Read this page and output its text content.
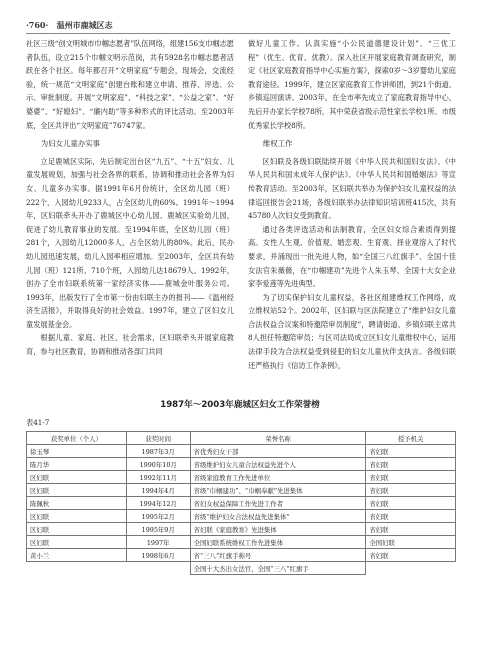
·760· 温州市鹿城区志

社区三级“创文明城市巾帼志愿者”队伍网络，组建156支巾帼志愿者队伍，设立215个巾帼文明示范岗，共有5928名巾帼志愿者活跃在各个社区。每年都召开“文明家庭”专题会，现场会，交流经验，统一规范“文明家庭”创建台账和建立申请、推荐、评选、公示、审批制度。开展“文明家庭”、“科技之家”、“公益之家”、“好婆婆”、“好媳妇”、“廉内助”等多种形式的评比活动。至2003年底，全区共评出“文明家庭”76747家。

为妇女儿童办实事

立足鹿城区实际，先后制定出台区“九五”、“十五”妇女、儿童发展规划，加强与社会各界的联系，协调和推动社会各界为妇女、儿童多办实事。据1991年6月份统计，全区幼儿园（班）222个，入园幼儿9233人，占全区幼儿的60%。1991年～1994年，区妇联牵头开办了鹿城区中心幼儿园、鹿城区实验幼儿园，促进了幼儿教育事业的发展。至1994年底，全区幼儿园（班）281个，入园幼儿12000多人，占全区幼儿的80%。此后，民办幼儿园迅速发展，幼儿入园率相应增加。至2003年，全区共有幼儿园（班）121所、710个班，入园幼儿达18679人。1992年，创办了全市妇联系统第一家经济实体——鹿城金叶服务公司。1993年，出版发行了全市第一份由妇联主办的报刊——《温州经济生活报》，并取得良好的社会效益。1997年，建立了区妇女儿童发展基金会。

根据儿童、家庭、社区、社会需求，区妇联牵头开展家庭教育，参与社区教育，协调和推动各部门共同

做好儿童工作。认真实施“小公民道德建设计划”、“三优工程”（优生、优育、优教）。深入社区开展家庭教育调查研究，制定《社区家庭教育指导中心实施方案》，探索0岁～3岁婴幼儿家庭教育途径。1999年，建立区家庭教育工作讲师团，到21个街道、乡镇巡回演讲。2003年，在全市率先成立了家庭教育指导中心，先后开办家长学校78所，其中荣获省级示范性家长学校1所、市级优秀家长学校8所。

维权工作

区妇联及各级妇联陆续开展《中华人民共和国妇女法》、《中华人民共和国未成年人保护法》、《中华人民共和国婚姻法》等宣传教育活动。至2003年，区妇联共举办为保护妇女儿童权益的法律巡回报告会21场，各级妇联举办法律知识培训班415次，共有45780人次妇女受到教育。

通过各类评选活动和法制教育，全区妇女综合素质得到提高。女性人生观、价值观、婚恋观、生育观、择业观溶入了时代要求，并涌现出一批先进人物，如“全国三八红旗手”、全国十佳女法官朱薇薇，在“巾帼建功”先进个人朱玉琴、全国十大女企业家李爱莲等先进典型。

为了切实保护妇女儿童权益，各社区组建维权工作网络，成立维权站52个。2002年，区妇联与区法院建立了“维护妇女儿童合法权益合议案和特邀陪审员制度”，聘请街道、乡镇妇联主席共8人担任特邀陪审员；与区司法局成立区妇女儿童维权中心，运用法律手段为合法权益受到侵犯的妇女儿童伙伴支执言。各级妇联还严格执行《信访工作条例》，

1987年～2003年鹿城区妇女工作荣誉榜
表41-7
获奖单位（个人）	获奖时间	荣誉名称	授予机关
徐玉琴	1987年3月	省优秀妇女干部	省妇联
陈月华	1990年10月	省级维护妇女儿童合法权益先进个人	省妇联
区妇联	1992年11月	省级家庭教育工作先进单位	省妇联
区妇联	1994年4月	省级“巾帼建功”、“巾帼奉献”先进集体	省妇联
陈佩秋	1994年12月	省妇女权益保障工作先进工作者	省妇联
区妇联	1995年2月	省级“维护妇女合法权益先进集体”	省妇联
区妇联	1995年9月	省妇联《家庭教育》先进集体	省妇联
区妇联	1997年	全国妇联系统维权工作先进集体	全国妇联
黄小兰	1998年6月	省“三八”红旗手称号	省妇联
		全国十大杰出女法官、全国“三八”红旗手	
